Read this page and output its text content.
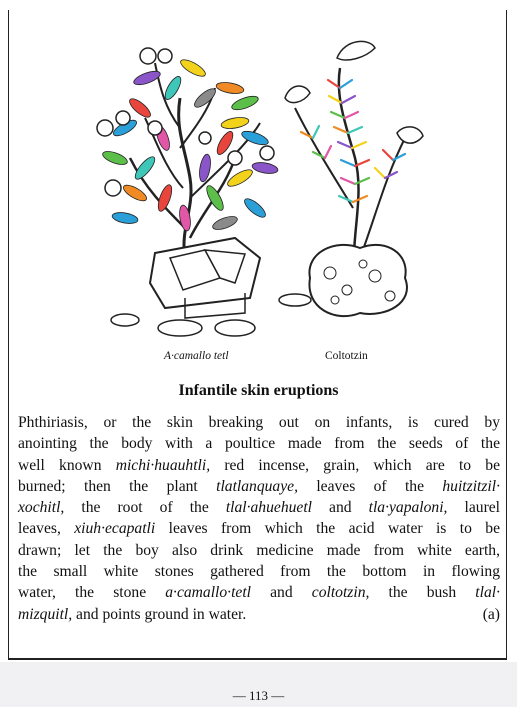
A·camallo tetl	Coltotzin
Infantile skin eruptions
Phthiriasis, or the skin breaking out on infants, is cured by
anointing the body with a poultice made from the seeds of the
well known michi·huauhtli, red incense, grain, which are to be
burned; then the plant tlatlanquaye, leaves of the huitzitzil·
xochitl, the root of the tlal·ahuehuetl and tla·yapaloni, laurel
leaves, xiuh·ecapatli leaves from which the acid water is to be
drawn; let the boy also drink medicine made from white earth,
the small white stones gathered from the bottom in flowing
water, the stone a·camallo·tetl and coltotzin, the bush tlal·
mizquitl, and points ground in water.	(a)
— 113 —
